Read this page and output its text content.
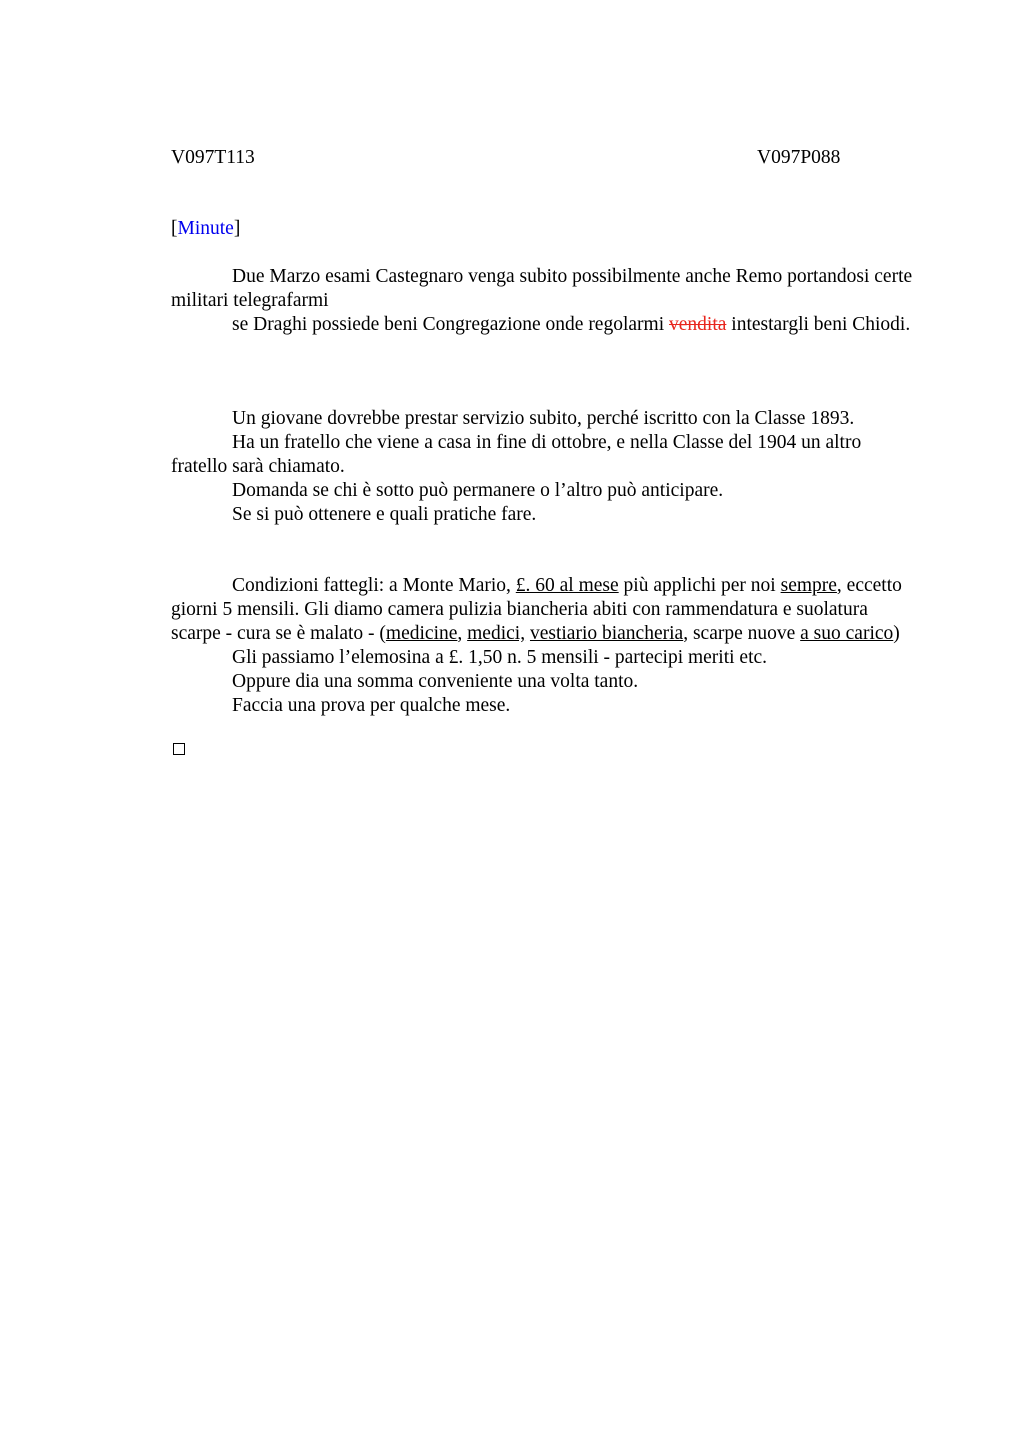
V097T113	V097P088
[Minute]

Due Marzo esami Castegnaro venga subito possibilmente anche Remo portandosi certe militari telegrafarmi

se Draghi possiede beni Congregazione onde regolarmi vendita intestargli beni Chiodi.

Un giovane dovrebbe prestar servizio subito, perché iscritto con la Classe 1893.

Ha un fratello che viene a casa in fine di ottobre, e nella Classe del 1904 un altro fratello sarà chiamato.

Domanda se chi è sotto può permanere o l’altro può anticipare.

Se si può ottenere e quali pratiche fare.

Condizioni fattegli: a Monte Mario, £. 60 al mese più applichi per noi sempre, eccetto giorni 5 mensili. Gli diamo camera pulizia biancheria abiti con rammendatura e suolatura scarpe - cura se è malato - (medicine, medici, vestiario biancheria, scarpe nuove a suo carico)

Gli passiamo l’elemosina a £. 1,50 n. 5 mensili - partecipi meriti etc.

Oppure dia una somma conveniente una volta tanto.

Faccia una prova per qualche mese.
